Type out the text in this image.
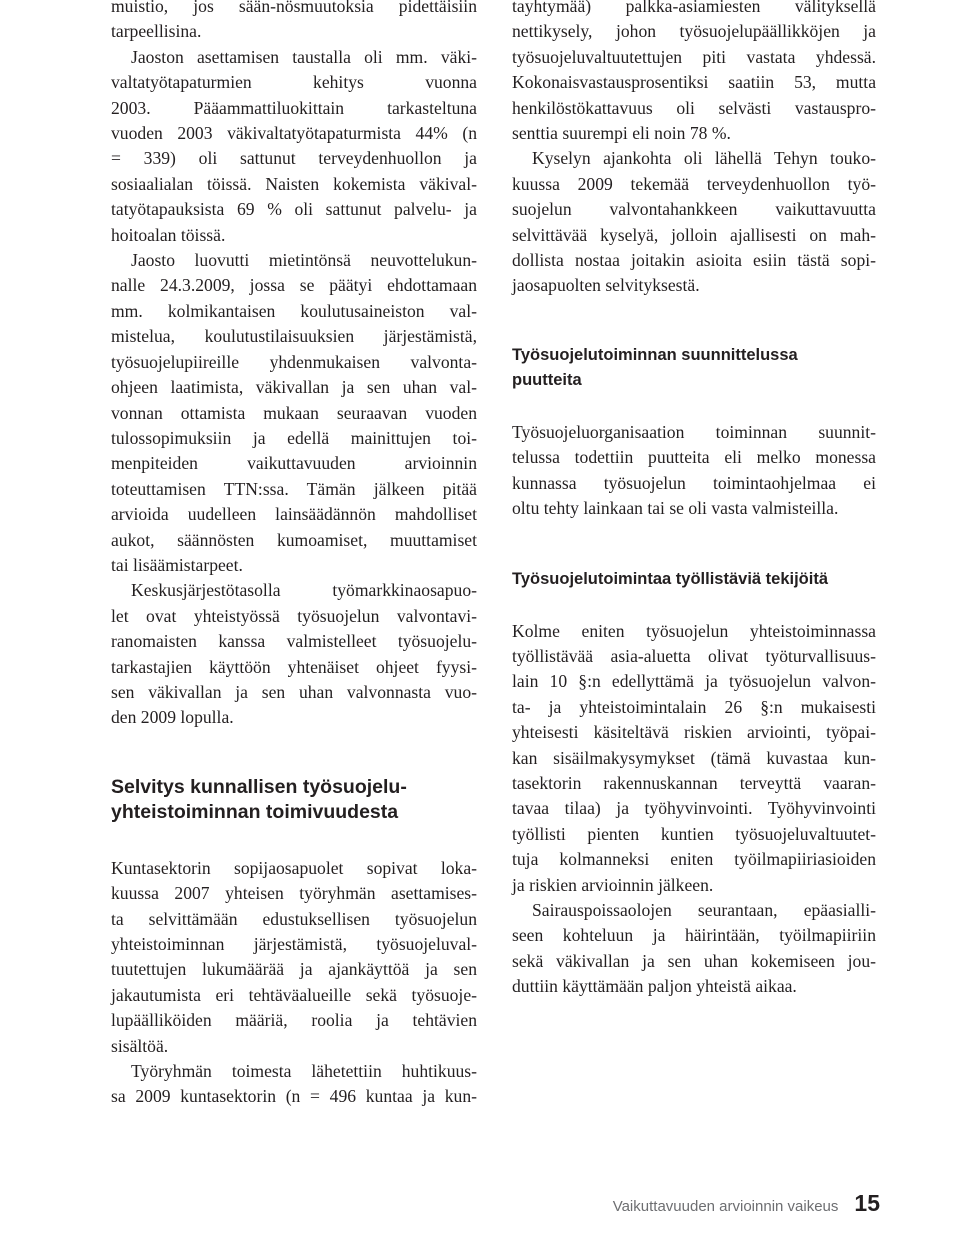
muistio, jos sään-nösmuutoksia pidettäisiin
tarpeellisina.

Jaoston asettamisen taustalla oli mm. väki-
valtatyötapaturmien kehitys vuonna
2003. Pääammattiluokittain tarkasteltuna
vuoden 2003 väkivaltatyötapaturmista 44% (n
= 339) oli sattunut terveydenhuollon ja
sosiaalialan töissä. Naisten kokemista väkival-
tatyötapauksista 69 % oli sattunut palvelu- ja
hoitoalan töissä.

Jaosto luovutti mietintönsä neuvottelukun-
nalle 24.3.2009, jossa se päätyi ehdottamaan
mm. kolmikantaisen koulutusaineiston val-
mistelua, koulutustilaisuuksien järjestämistä,
työsuojelupiireille yhdenmukaisen valvonta-
ohjeen laatimista, väkivallan ja sen uhan val-
vonnan ottamista mukaan seuraavan vuoden
tulossopimuksiin ja edellä mainittujen toi-
menpiteiden vaikuttavuuden arvioinnin
toteuttamisen TTN:ssa. Tämän jälkeen pitää
arvioida uudelleen lainsäädännön mahdolliset
aukot, säännösten kumoamiset, muuttamiset
tai lisäämistarpeet.

Keskusjärjestötasolla työmarkkinaosapuo-
let ovat yhteistyössä työsuojelun valvontavi-
ranomaisten kanssa valmistelleet työsuojelu-
tarkastajien käyttöön yhtenäiset ohjeet fyysi-
sen väkivallan ja sen uhan valvonnasta vuo-
den 2009 lopulla.

Selvitys kunnallisen työsuojelu-
yhteistoiminnan toimivuudesta

Kuntasektorin sopijaosapuolet sopivat loka-
kuussa 2007 yhteisen työryhmän asettamises-
ta selvittämään edustuksellisen työsuojelun
yhteistoiminnan järjestämistä, työsuojeluval-
tuutettujen lukumäärää ja ajankäyttöä ja sen
jakautumista eri tehtäväalueille sekä työsuoje-
lupäälliköiden määriä, roolia ja tehtävien
sisältöä.

Työryhmän toimesta lähetettiin huhtikuus-
sa 2009 kuntasektorin (n = 496 kuntaa ja kun-

tayhtymää) palkka-asiamiesten välityksellä
nettikysely, johon työsuojelupäällikköjen ja
työsuojeluvaltuutettujen piti vastata yhdessä.
Kokonaisvastausprosentiksi saatiin 53, mutta
henkilöstökattavuus oli selvästi vastauspro-
senttia suurempi eli noin 78 %.

Kyselyn ajankohta oli lähellä Tehyn touko-
kuussa 2009 tekemää terveydenhuollon työ-
suojelun valvontahankkeen vaikuttavuutta
selvittävää kyselyä, jolloin ajallisesti on mah-
dollista nostaa joitakin asioita esiin tästä sopi-
jaosapuolten selvityksestä.

Työsuojelutoiminnan suunnittelussa
puutteita

Työsuojeluorganisaation toiminnan suunnit-
telussa todettiin puutteita eli melko monessa
kunnassa työsuojelun toimintaohjelmaa ei
oltu tehty lainkaan tai se oli vasta valmisteilla.

Työsuojelutoimintaa työllistäviä tekijöitä

Kolme eniten työsuojelun yhteistoiminnassa
työllistävää asia-aluetta olivat työturvallisuus-
lain 10 §:n edellyttämä ja työsuojelun valvon-
ta- ja yhteistoimintalain 26 §:n mukaisesti
yhteisesti käsiteltävä riskien arviointi, työpai-
kan sisäilmakysymykset (tämä kuvastaa kun-
tasektorin rakennuskannan terveyttä vaaran-
tavaa tilaa) ja työhyvinvointi. Työhyvinvointi
työllisti pienten kuntien työsuojeluvaltuutet-
tuja kolmanneksi eniten työilmapiiriasioiden
ja riskien arvioinnin jälkeen.

Sairauspoissaolojen seurantaan, epäasialli-
seen kohteluun ja häirintään, työilmapiiriin
sekä väkivallan ja sen uhan kokemiseen jou-
duttiin käyttämään paljon yhteistä aikaa.

Vaikuttavuuden arvioinnin vaikeus 15
